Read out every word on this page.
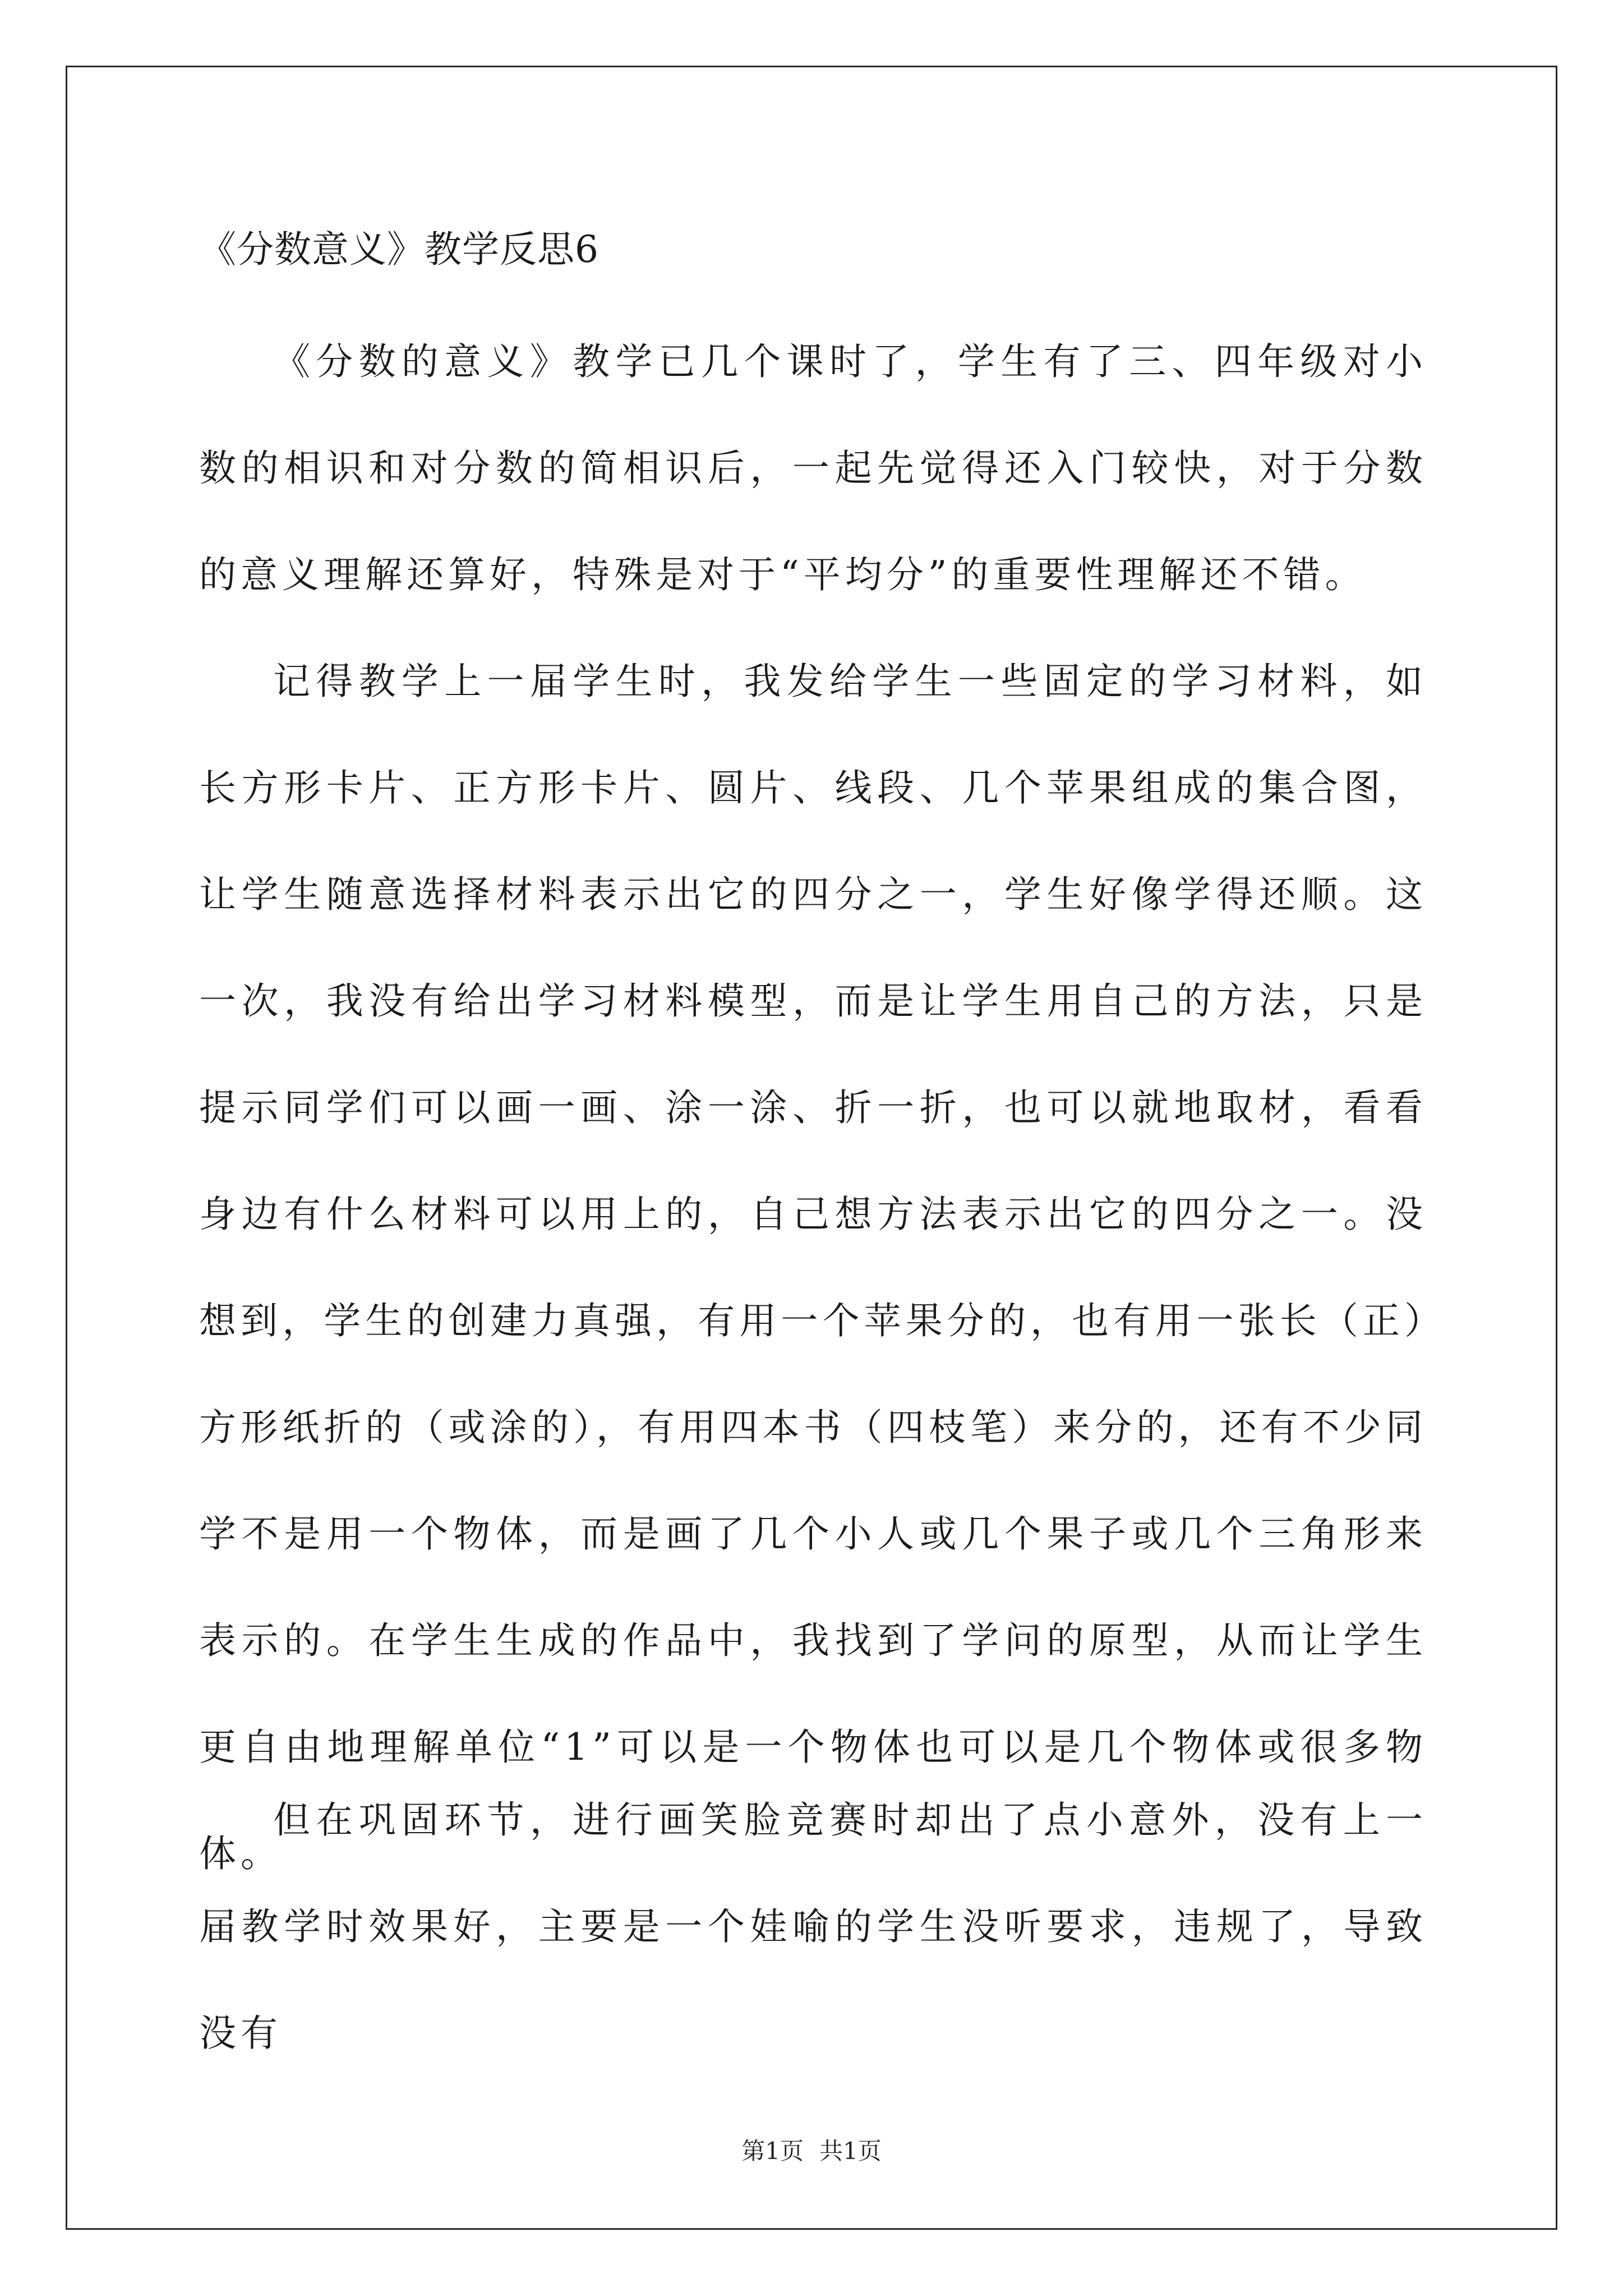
《分数意义》教学反思6

《分数的意义》教学已几个课时了，学生有了三、四年级对小数的相识和对分数的简相识后，一起先觉得还入门较快，对于分数的意义理解还算好，特殊是对于“平均分”的重要性理解还不错。

记得教学上一届学生时，我发给学生一些固定的学习材料，如长方形卡片、正方形卡片、圆片、线段、几个苹果组成的集合图，让学生随意选择材料表示出它的四分之一，学生好像学得还顺。这一次，我没有给出学习材料模型，而是让学生用自己的方法，只是提示同学们可以画一画、涂一涂、折一折，也可以就地取材，看看身边有什么材料可以用上的，自己想方法表示出它的四分之一。没想到，学生的创建力真强，有用一个苹果分的，也有用一张长（正）方形纸折的（或涂的），有用四本书（四枝笔）来分的，还有不少同学不是用一个物体，而是画了几个小人或几个果子或几个三角形来表示的。在学生生成的作品中，我找到了学问的原型，从而让学生更自由地理解单位“1”可以是一个物体也可以是几个物体或很多物体。

但在巩固环节，进行画笑脸竞赛时却出了点小意外，没有上一届教学时效果好，主要是一个娃喻的学生没听要求，违规了，导致没有

第1页 共1页
